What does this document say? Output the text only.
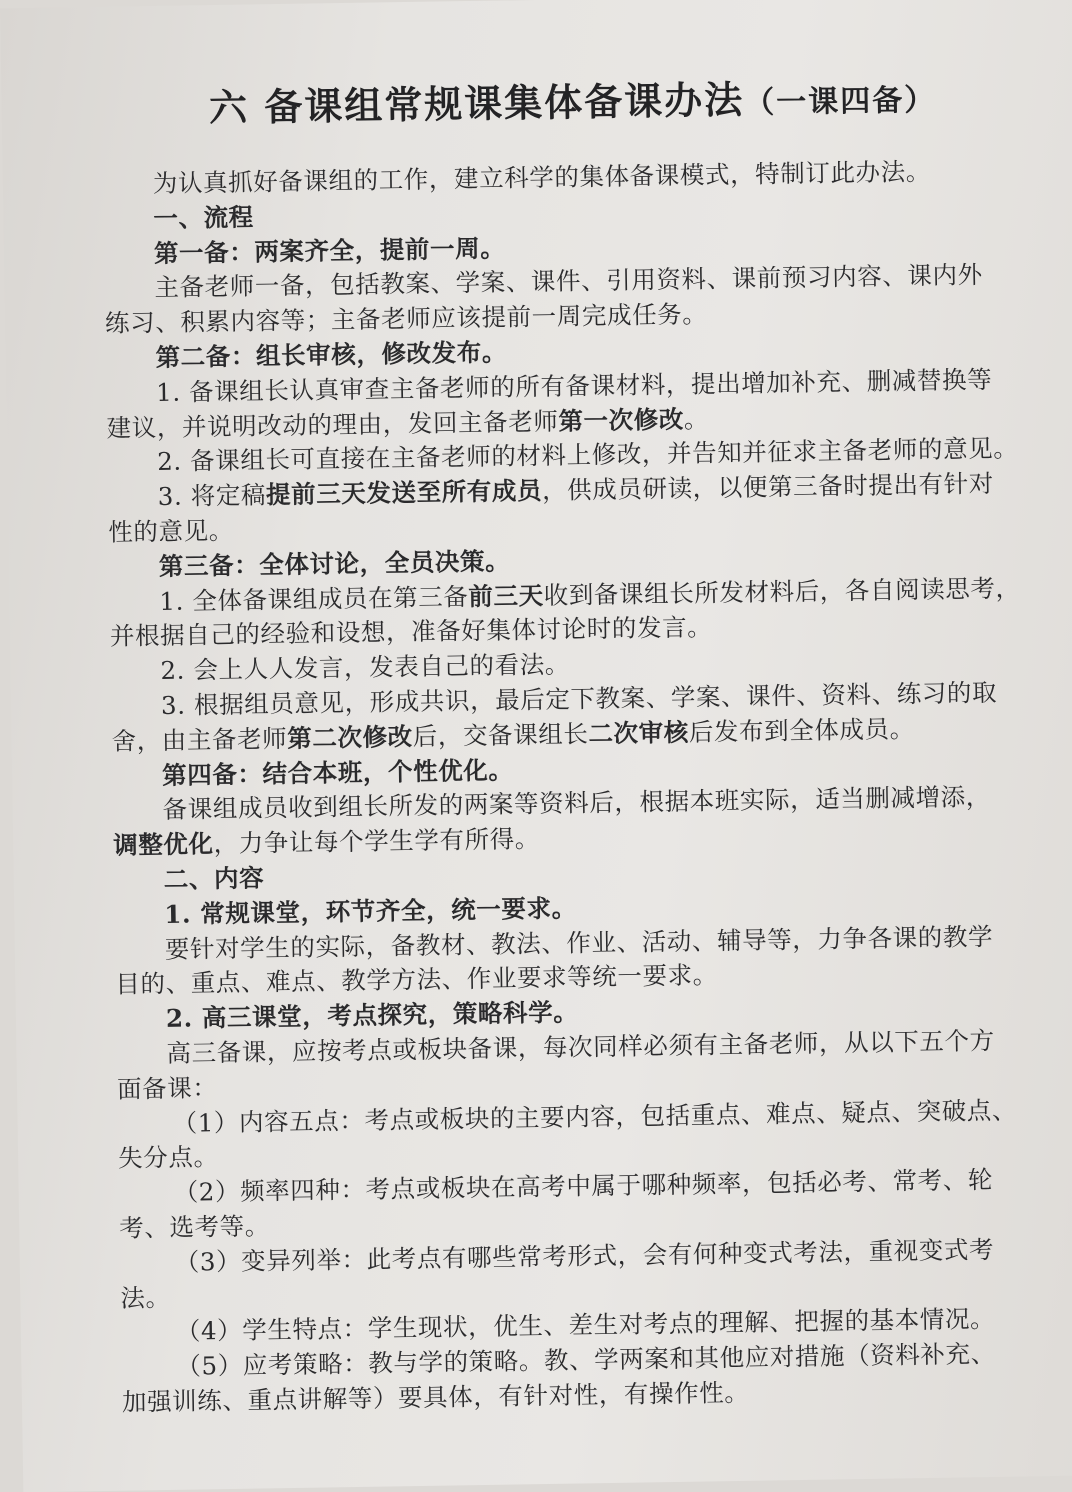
六 备课组常规课集体备课办法（一课四备）

为认真抓好备课组的工作，建立科学的集体备课模式，特制订此办法。

一、流程

第一备：两案齐全，提前一周。

主备老师一备，包括教案、学案、课件、引用资料、课前预习内容、课内外

练习、积累内容等；主备老师应该提前一周完成任务。

第二备：组长审核，修改发布。

1. 备课组长认真审查主备老师的所有备课材料，提出增加补充、删减替换等

建议，并说明改动的理由，发回主备老师第一次修改。

2. 备课组长可直接在主备老师的材料上修改，并告知并征求主备老师的意见。

3. 将定稿提前三天发送至所有成员，供成员研读，以便第三备时提出有针对

性的意见。

第三备：全体讨论，全员决策。

1. 全体备课组成员在第三备前三天收到备课组长所发材料后，各自阅读思考，

并根据自己的经验和设想，准备好集体讨论时的发言。

2. 会上人人发言，发表自己的看法。

3. 根据组员意见，形成共识，最后定下教案、学案、课件、资料、练习的取

舍，由主备老师第二次修改后，交备课组长二次审核后发布到全体成员。

第四备：结合本班，个性优化。

备课组成员收到组长所发的两案等资料后，根据本班实际，适当删减增添，

调整优化，力争让每个学生学有所得。

二、内容

1. 常规课堂，环节齐全，统一要求。

要针对学生的实际，备教材、教法、作业、活动、辅导等，力争各课的教学

目的、重点、难点、教学方法、作业要求等统一要求。

2. 高三课堂，考点探究，策略科学。

高三备课，应按考点或板块备课，每次同样必须有主备老师，从以下五个方

面备课：

（1）内容五点：考点或板块的主要内容，包括重点、难点、疑点、突破点、

失分点。

（2）频率四种：考点或板块在高考中属于哪种频率，包括必考、常考、轮

考、选考等。

（3）变异列举：此考点有哪些常考形式，会有何种变式考法，重视变式考

法。

（4）学生特点：学生现状，优生、差生对考点的理解、把握的基本情况。

（5）应考策略：教与学的策略。教、学两案和其他应对措施（资料补充、

加强训练、重点讲解等）要具体，有针对性，有操作性。
